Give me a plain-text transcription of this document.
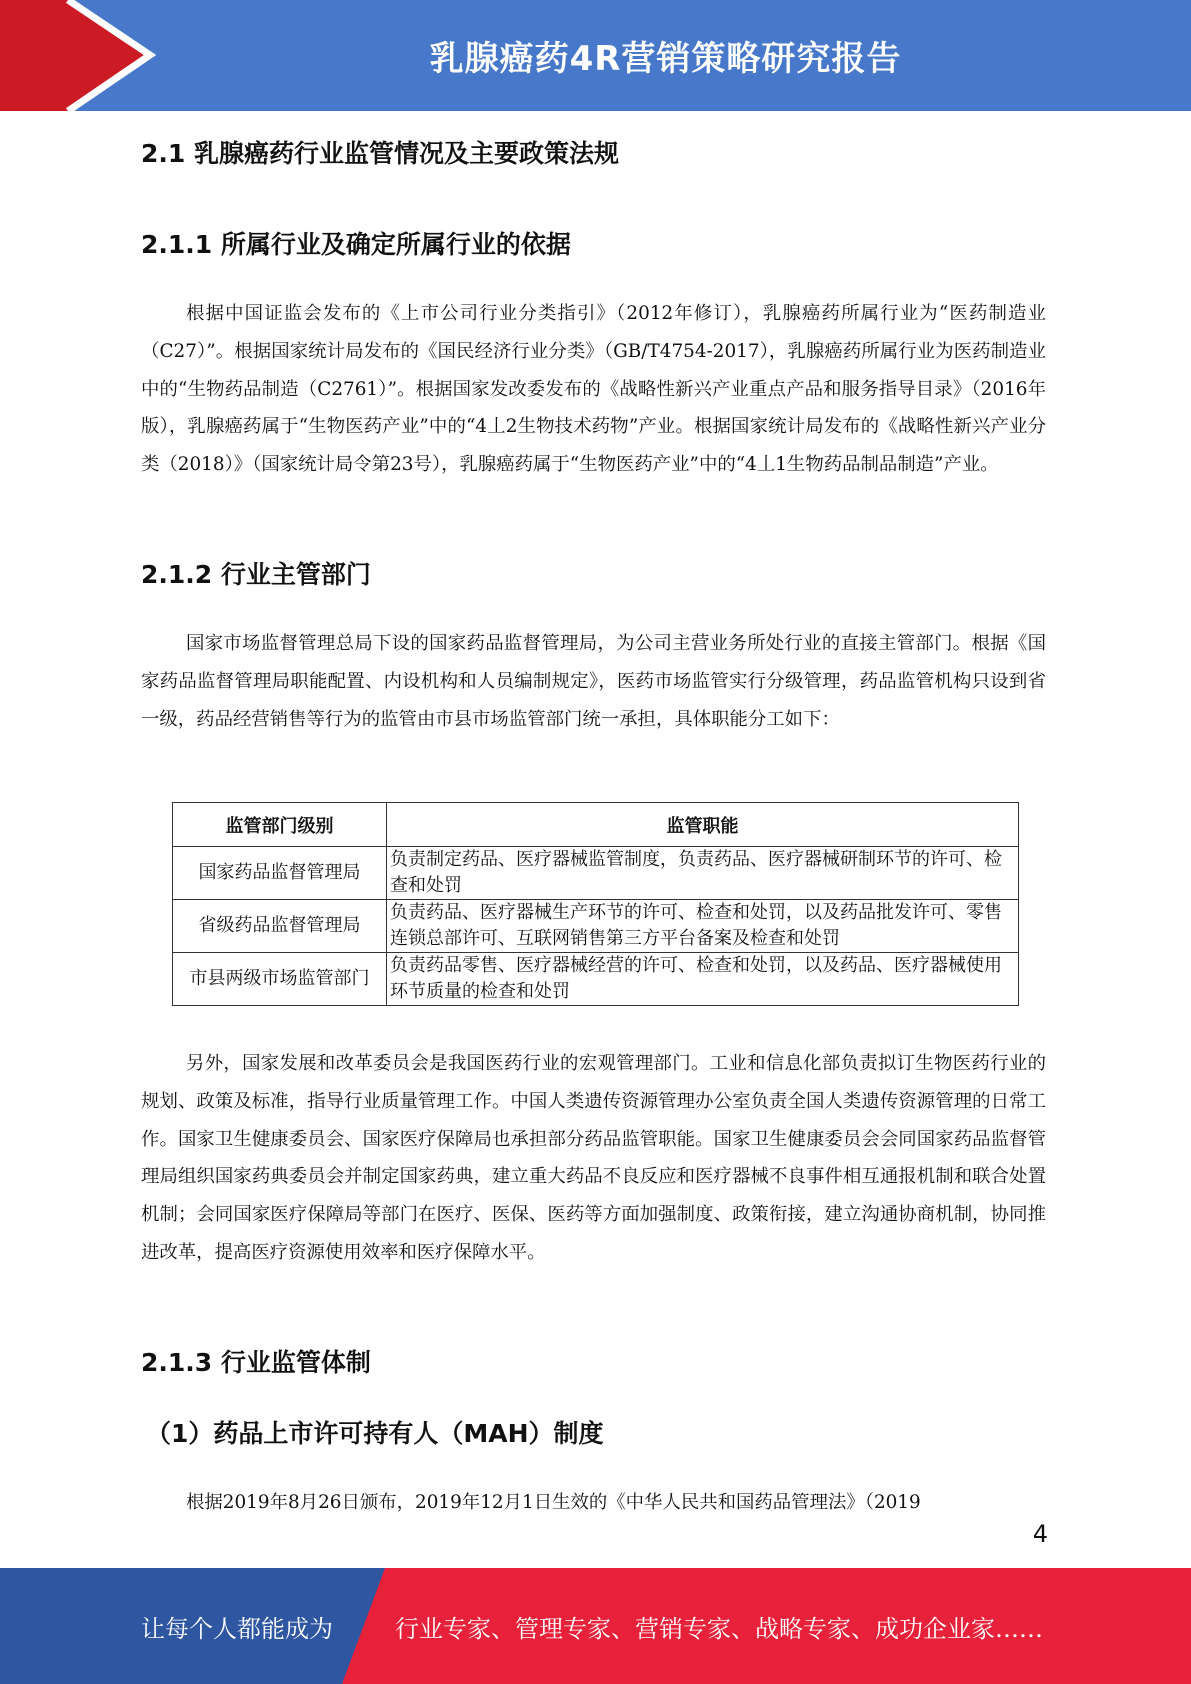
乳腺癌药4R营销策略研究报告
2.1 乳腺癌药行业监管情况及主要政策法规
2.1.1 所属行业及确定所属行业的依据

根据中国证监会发布的《上市公司行业分类指引》（2012年修订），乳腺癌药所属行业为“医药制造业（C27）”。根据国家统计局发布的《国民经济行业分类》（GB/T4754-2017），乳腺癌药所属行业为医药制造业中的“生物药品制造（C2761）”。根据国家发改委发布的《战略性新兴产业重点产品和服务指导目录》（2016年版），乳腺癌药属于“生物医药产业”中的“4丄2生物技术药物”产业。根据国家统计局发布的《战略性新兴产业分类（2018）》（国家统计局令第23号），乳腺癌药属于“生物医药产业”中的“4丄1生物药品制品制造”产业。

2.1.2 行业主管部门

国家市场监督管理总局下设的国家药品监督管理局，为公司主营业务所处行业的直接主管部门。根据《国家药品监督管理局职能配置、内设机构和人员编制规定》，医药市场监管实行分级管理，药品监管机构只设到省一级，药品经营销售等行为的监管由市县市场监管部门统一承担，具体职能分工如下：

监管部门级别	监管职能
国家药品监督管理局	负责制定药品、医疗器械监管制度，负责药品、医疗器械研制环节的许可、检查和处罚
省级药品监督管理局	负责药品、医疗器械生产环节的许可、检查和处罚，以及药品批发许可、零售连锁总部许可、互联网销售第三方平台备案及检查和处罚
市县两级市场监管部门	负责药品零售、医疗器械经营的许可、检查和处罚，以及药品、医疗器械使用环节质量的检查和处罚

另外，国家发展和改革委员会是我国医药行业的宏观管理部门。工业和信息化部负责拟订生物医药行业的规划、政策及标准，指导行业质量管理工作。中国人类遗传资源管理办公室负责全国人类遗传资源管理的日常工作。国家卫生健康委员会、国家医疗保障局也承担部分药品监管职能。国家卫生健康委员会会同国家药品监督管理局组织国家药典委员会并制定国家药典，建立重大药品不良反应和医疗器械不良事件相互通报机制和联合处置机制；会同国家医疗保障局等部门在医疗、医保、医药等方面加强制度、政策衔接，建立沟通协商机制，协同推进改革，提高医疗资源使用效率和医疗保障水平。

2.1.3 行业监管体制
（1）药品上市许可持有人（MAH）制度

根据2019年8月26日颁布，2019年12月1日生效的《中华人民共和国药品管理法》（2019

4
让每个人都能成为	行业专家、管理专家、营销专家、战略专家、成功企业家……
